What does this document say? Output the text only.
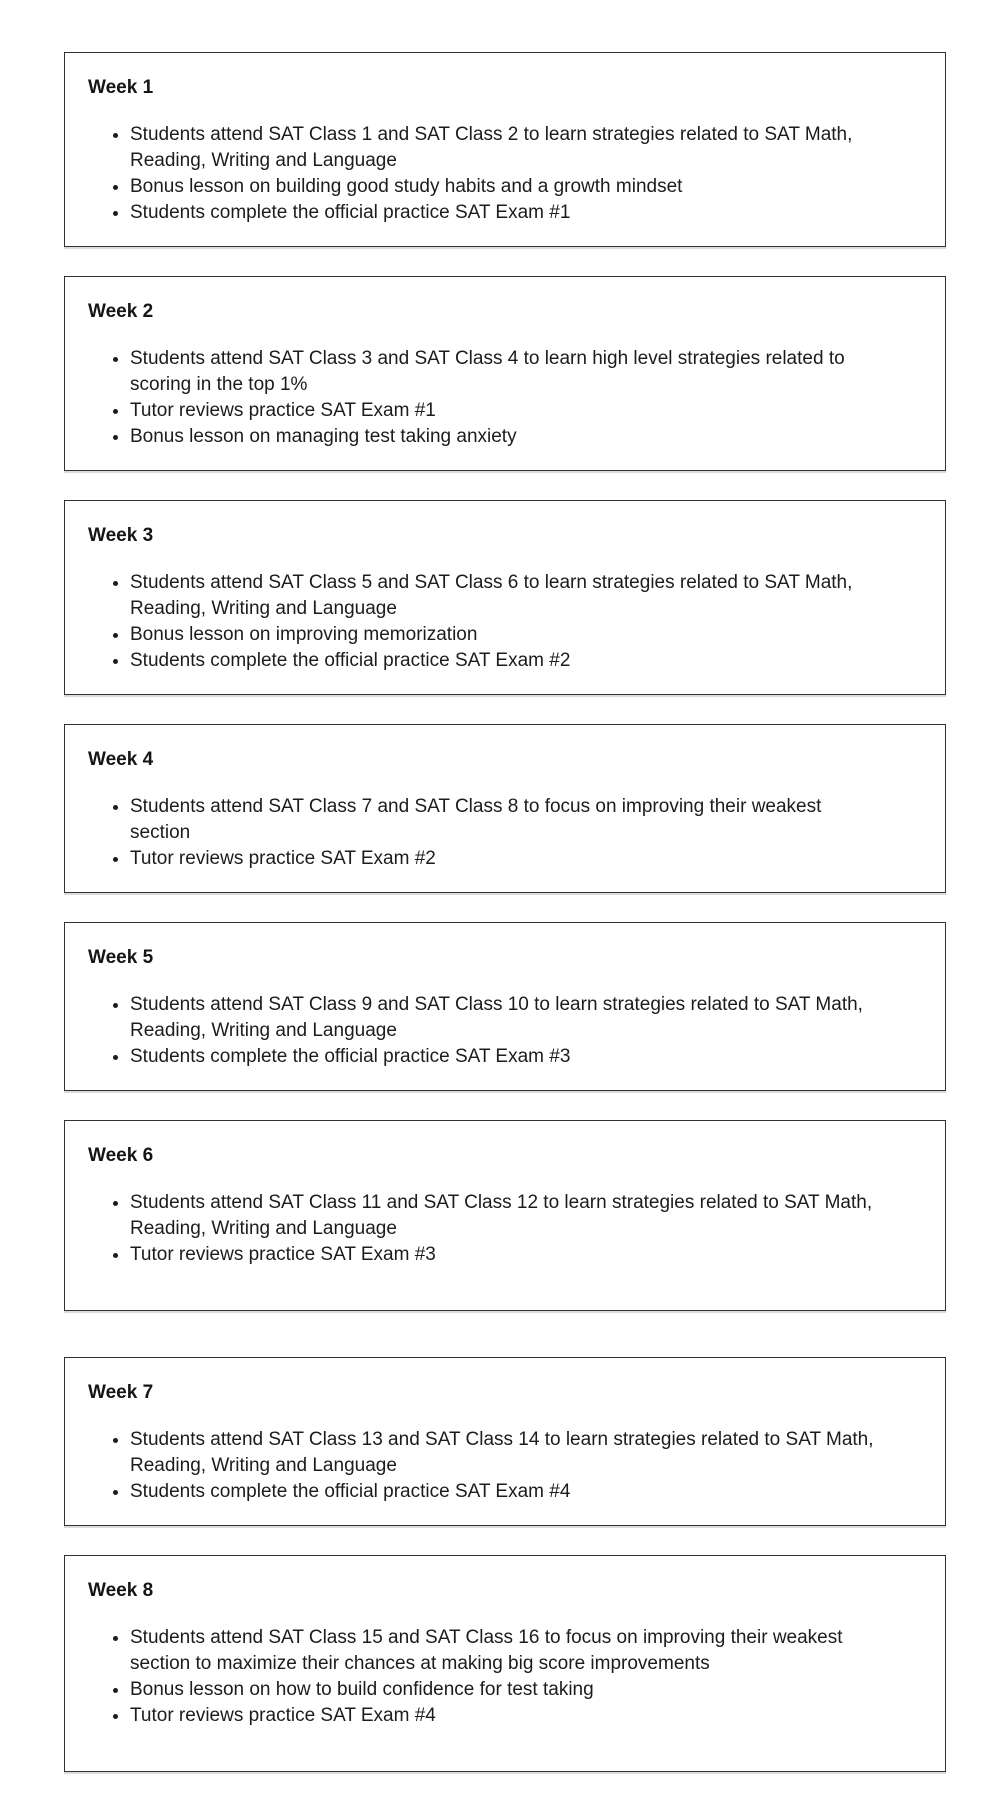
Week 1
• Students attend SAT Class 1 and SAT Class 2 to learn strategies related to SAT Math, Reading, Writing and Language
• Bonus lesson on building good study habits and a growth mindset
• Students complete the official practice SAT Exam #1
Week 2
• Students attend SAT Class 3 and SAT Class 4 to learn high level strategies related to scoring in the top 1%
• Tutor reviews practice SAT Exam #1
• Bonus lesson on managing test taking anxiety
Week 3
• Students attend SAT Class 5 and SAT Class 6 to learn strategies related to SAT Math, Reading, Writing and Language
• Bonus lesson on improving memorization
• Students complete the official practice SAT Exam #2
Week 4
• Students attend SAT Class 7 and SAT Class 8 to focus on improving their weakest section
• Tutor reviews practice SAT Exam #2
Week 5
• Students attend SAT Class 9 and SAT Class 10 to learn strategies related to SAT Math, Reading, Writing and Language
• Students complete the official practice SAT Exam #3
Week 6
• Students attend SAT Class 11 and SAT Class 12 to learn strategies related to SAT Math, Reading, Writing and Language
• Tutor reviews practice SAT Exam #3
Week 7
• Students attend SAT Class 13 and SAT Class 14 to learn strategies related to SAT Math, Reading, Writing and Language
• Students complete the official practice SAT Exam #4
Week 8
• Students attend SAT Class 15 and SAT Class 16 to focus on improving their weakest section to maximize their chances at making big score improvements
• Bonus lesson on how to build confidence for test taking
• Tutor reviews practice SAT Exam #4
